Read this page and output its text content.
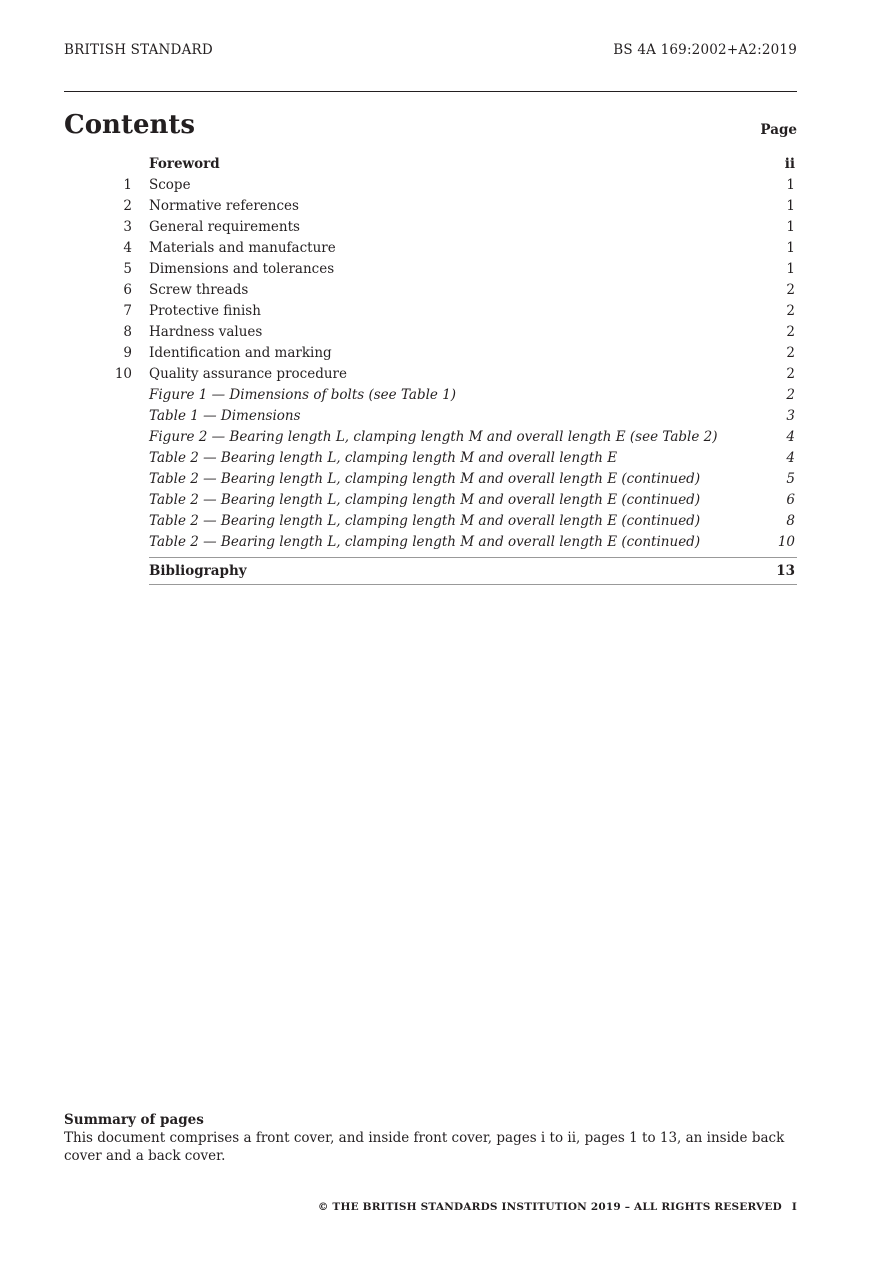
BRITISH STANDARD	BS 4A 169:2002+A2:2019
Contents	Page
Foreword	ii
1 Scope	1
2 Normative references	1
3 General requirements	1
4 Materials and manufacture	1
5 Dimensions and tolerances	1
6 Screw threads	2
7 Protective finish	2
8 Hardness values	2
9 Identification and marking	2
10 Quality assurance procedure	2
Figure 1 — Dimensions of bolts (see Table 1)	2
Table 1 — Dimensions	3
Figure 2 — Bearing length L, clamping length M and overall length E (see Table 2)	4
Table 2 — Bearing length L, clamping length M and overall length E	4
Table 2 — Bearing length L, clamping length M and overall length E (continued)	5
Table 2 — Bearing length L, clamping length M and overall length E (continued)	6
Table 2 — Bearing length L, clamping length M and overall length E (continued)	8
Table 2 — Bearing length L, clamping length M and overall length E (continued)	10
Bibliography	13
Summary of pages
This document comprises a front cover, and inside front cover, pages i to ii, pages 1 to 13, an inside back cover and a back cover.
© THE BRITISH STANDARDS INSTITUTION 2019 – ALL RIGHTS RESERVED I
